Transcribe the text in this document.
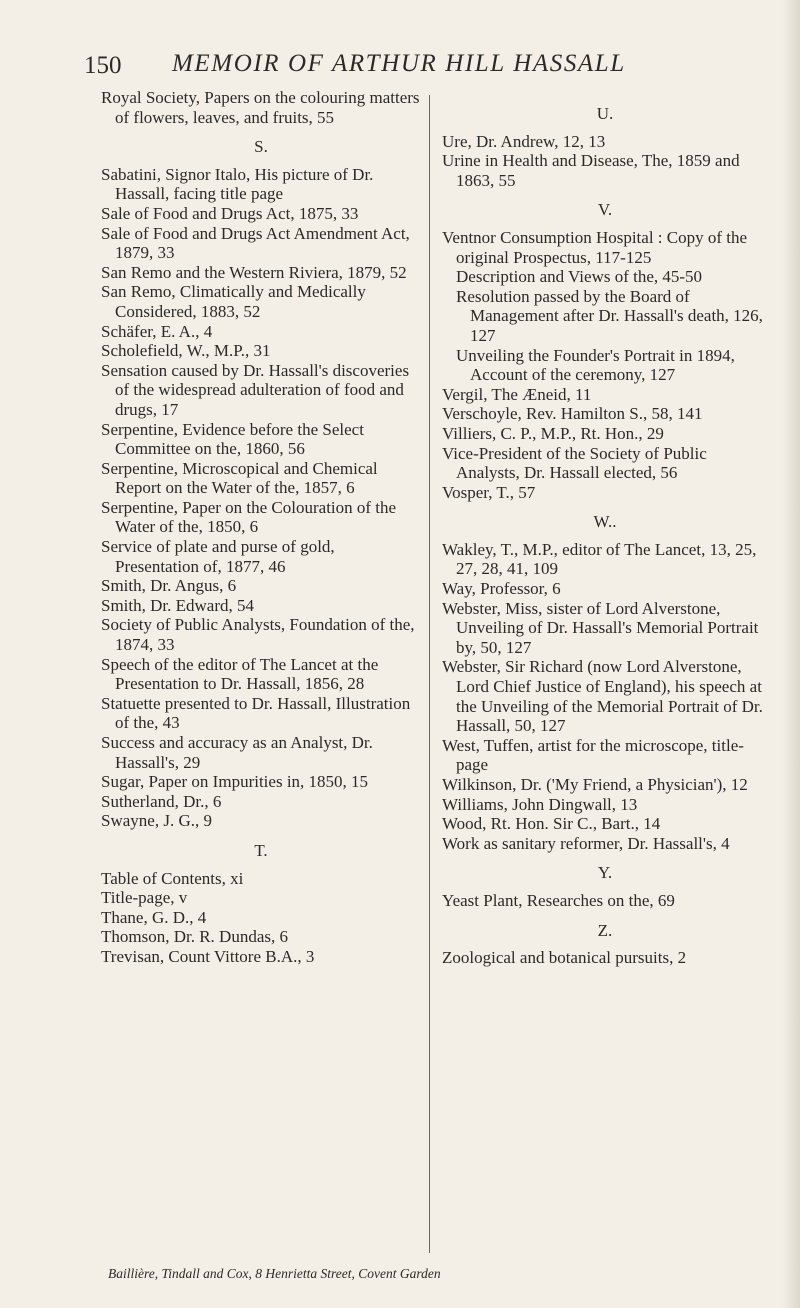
150 MEMOIR OF ARTHUR HILL HASSALL

Royal Society, Papers on the colouring matters of flowers, leaves, and fruits, 55

S.

Sabatini, Signor Italo, His picture of Dr. Hassall, facing title page

Sale of Food and Drugs Act, 1875, 33

Sale of Food and Drugs Act Amendment Act, 1879, 33

San Remo and the Western Riviera, 1879, 52

San Remo, Climatically and Medically Considered, 1883, 52

Schäfer, E. A., 4

Scholefield, W., M.P., 31

Sensation caused by Dr. Hassall's discoveries of the widespread adulteration of food and drugs, 17

Serpentine, Evidence before the Select Committee on the, 1860, 56

Serpentine, Microscopical and Chemical Report on the Water of the, 1857, 6

Serpentine, Paper on the Colouration of the Water of the, 1850, 6

Service of plate and purse of gold, Presentation of, 1877, 46

Smith, Dr. Angus, 6

Smith, Dr. Edward, 54

Society of Public Analysts, Foundation of the, 1874, 33

Speech of the editor of The Lancet at the Presentation to Dr. Hassall, 1856, 28

Statuette presented to Dr. Hassall, Illustration of the, 43

Success and accuracy as an Analyst, Dr. Hassall's, 29

Sugar, Paper on Impurities in, 1850, 15

Sutherland, Dr., 6

Swayne, J. G., 9

T.

Table of Contents, xi

Title-page, v

Thane, G. D., 4

Thomson, Dr. R. Dundas, 6

Trevisan, Count Vittore B.A., 3

U.

Ure, Dr. Andrew, 12, 13

Urine in Health and Disease, The, 1859 and 1863, 55

V.

Ventnor Consumption Hospital : Copy of the original Prospectus, 117-125

Description and Views of the, 45-50

Resolution passed by the Board of Management after Dr. Hassall's death, 126, 127

Unveiling the Founder's Portrait in 1894, Account of the ceremony, 127

Vergil, The Æneid, 11

Verschoyle, Rev. Hamilton S., 58, 141

Villiers, C. P., M.P., Rt. Hon., 29

Vice-President of the Society of Public Analysts, Dr. Hassall elected, 56

Vosper, T., 57

W..

Wakley, T., M.P., editor of The Lancet, 13, 25, 27, 28, 41, 109

Way, Professor, 6

Webster, Miss, sister of Lord Alverstone, Unveiling of Dr. Hassall's Memorial Portrait by, 50, 127

Webster, Sir Richard (now Lord Alverstone, Lord Chief Justice of England), his speech at the Unveiling of the Memorial Portrait of Dr. Hassall, 50, 127

West, Tuffen, artist for the microscope, title-page

Wilkinson, Dr. ('My Friend, a Physician'), 12

Williams, John Dingwall, 13

Wood, Rt. Hon. Sir C., Bart., 14

Work as sanitary reformer, Dr. Hassall's, 4

Y.

Yeast Plant, Researches on the, 69

Z.

Zoological and botanical pursuits, 2

Baillière, Tindall and Cox, 8 Henrietta Street, Covent Garden
